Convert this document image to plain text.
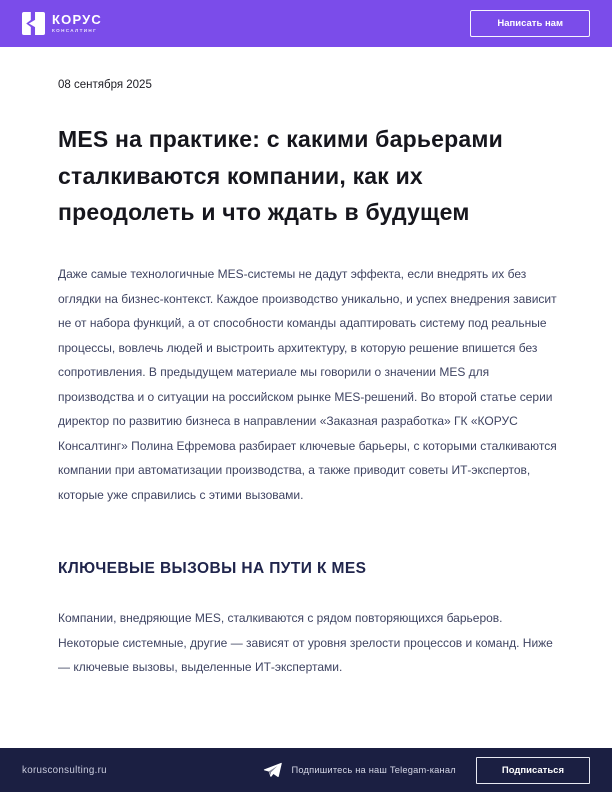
КОРУС
КОНСАЛТИНГ
Написать нам
08 сентября 2025
MES на практике: с какими барьерами сталкиваются компании, как их преодолеть и что ждать в будущем

Даже самые технологичные MES-системы не дадут эффекта, если внедрять их без оглядки на бизнес-контекст. Каждое производство уникально, и успех внедрения зависит не от набора функций, а от способности команды адаптировать систему под реальные процессы, вовлечь людей и выстроить архитектуру, в которую решение впишется без сопротивления. В предыдущем материале мы говорили о значении MES для производства и о ситуации на российском рынке MES-решений. Во второй статье серии директор по развитию бизнеса в направлении «Заказная разработка» ГК «КОРУС Консалтинг» Полина Ефремова разбирает ключевые барьеры, с которыми сталкиваются компании при автоматизации производства, а также приводит советы ИТ-экспертов, которые уже справились с этими вызовами.

КЛЮЧЕВЫЕ ВЫЗОВЫ НА ПУТИ К MES

Компании, внедряющие MES, сталкиваются с рядом повторяющихся барьеров. Некоторые системные, другие — зависят от уровня зрелости процессов и команд. Ниже — ключевые вызовы, выделенные ИТ-экспертами.

korusconsulting.ru	Подпишитесь на наш Telegam-канал	Подписаться
